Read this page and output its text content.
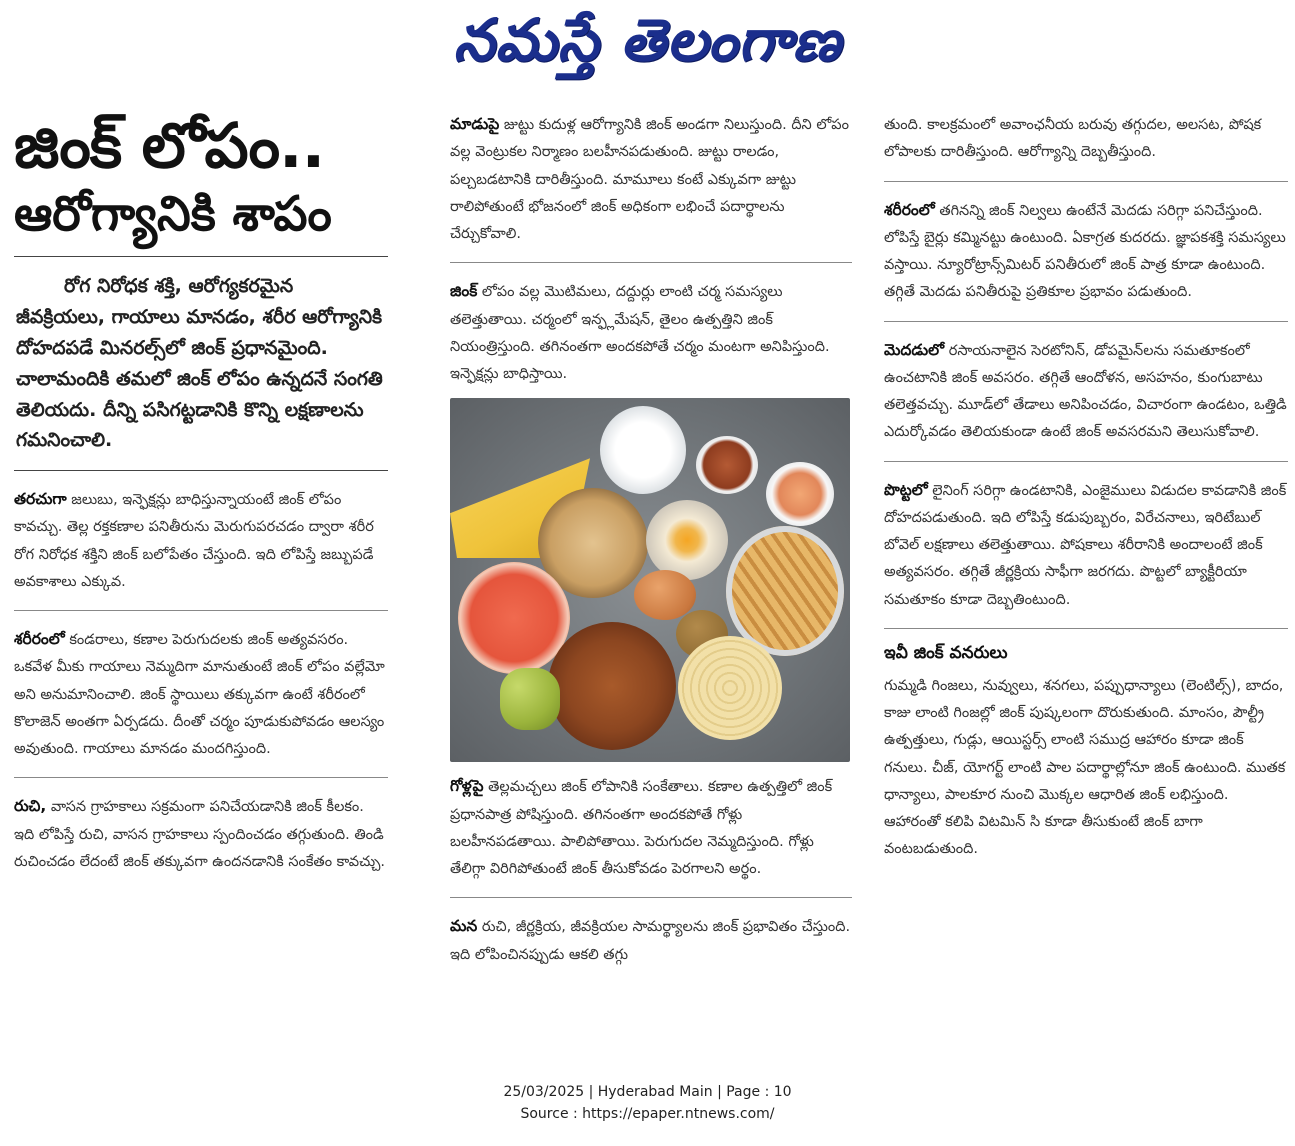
నమస్తే తెలంగాణ
జింక్ లోపం..
ఆరోగ్యానికి శాపం

రోగ నిరోధక శక్తి, ఆరోగ్యకరమైన జీవక్రియలు, గాయాలు మానడం, శరీర ఆరోగ్యానికి దోహదపడే మినరల్స్‌లో జింక్ ప్రధానమైంది. చాలామందికి తమలో జింక్ లోపం ఉన్నదనే సంగతి తెలియదు. దీన్ని పసిగట్టడానికి కొన్ని లక్షణాలను గమనించాలి.

తరచుగా జలుబు, ఇన్ఫెక్షన్లు బాధిస్తున్నాయంటే జింక్ లోపం కావచ్చు. తెల్ల రక్తకణాల పనితీరును మెరుగుపరచడం ద్వారా శరీర రోగ నిరోధక శక్తిని జింక్ బలోపేతం చేస్తుంది. ఇది లోపిస్తే జబ్బుపడే అవకాశాలు ఎక్కువ.

శరీరంలో కండరాలు, కణాల పెరుగుదలకు జింక్ అత్యవసరం. ఒకవేళ మీకు గాయాలు నెమ్మదిగా మానుతుంటే జింక్ లోపం వల్లేమో అని అనుమానించాలి. జింక్ స్థాయిలు తక్కువగా ఉంటే శరీరంలో కొలాజెన్ అంతగా ఏర్పడదు. దీంతో చర్మం పూడుకుపోవడం ఆలస్యం అవుతుంది. గాయాలు మానడం మందగిస్తుంది.

రుచి, వాసన గ్రాహకాలు సక్రమంగా పనిచేయడానికి జింక్ కీలకం. ఇది లోపిస్తే రుచి, వాసన గ్రాహకాలు స్పందించడం తగ్గుతుంది. తిండి రుచించడం లేదంటే జింక్ తక్కువగా ఉందనడానికి సంకేతం కావచ్చు.

మాడుపై జుట్టు కుదుళ్ల ఆరోగ్యానికి జింక్ అండగా నిలుస్తుంది. దీని లోపం వల్ల వెంట్రుకల నిర్మాణం బలహీనపడుతుంది. జుట్టు రాలడం, పల్చబడటానికి దారితీస్తుంది. మామూలు కంటే ఎక్కువగా జుట్టు రాలిపోతుంటే భోజనంలో జింక్ అధికంగా లభించే పదార్థాలను చేర్చుకోవాలి.

జింక్ లోపం వల్ల మొటిమలు, దద్దుర్లు లాంటి చర్మ సమస్యలు తలెత్తుతాయి. చర్మంలో ఇన్ఫ్లమేషన్, తైలం ఉత్పత్తిని జింక్ నియంత్రిస్తుంది. తగినంతగా అందకపోతే చర్మం మంటగా అనిపిస్తుంది. ఇన్ఫెక్షన్లు బాధిస్తాయి.

గోళ్లపై తెల్లమచ్చలు జింక్ లోపానికి సంకేతాలు. కణాల ఉత్పత్తిలో జింక్ ప్రధానపాత్ర పోషిస్తుంది. తగినంతగా అందకపోతే గోళ్లు బలహీనపడతాయి. పాలిపోతాయి. పెరుగుదల నెమ్మదిస్తుంది. గోళ్లు తేలిగ్గా విరిగిపోతుంటే జింక్ తీసుకోవడం పెరగాలని అర్థం.

మన రుచి, జీర్ణక్రియ, జీవక్రియల సామర్థ్యాలను జింక్ ప్రభావితం చేస్తుంది. ఇది లోపించినప్పుడు ఆకలి తగ్గు

తుంది. కాలక్రమంలో అవాంఛనీయ బరువు తగ్గుదల, అలసట, పోషక లోపాలకు దారితీస్తుంది. ఆరోగ్యాన్ని దెబ్బతీస్తుంది.

శరీరంలో తగినన్ని జింక్ నిల్వలు ఉంటేనే మెదడు సరిగ్గా పనిచేస్తుంది. లోపిస్తే బైర్లు కమ్మినట్టు ఉంటుంది. ఏకాగ్రత కుదరదు. జ్ఞాపకశక్తి సమస్యలు వస్తాయి. న్యూరోట్రాన్స్‌మిటర్ పనితీరులో జింక్ పాత్ర కూడా ఉంటుంది. తగ్గితే మెదడు పనితీరుపై ప్రతికూల ప్రభావం పడుతుంది.

మెదడులో రసాయనాలైన సెరటోనిన్, డోపమైన్‌లను సమతూకంలో ఉంచటానికి జింక్ అవసరం. తగ్గితే ఆందోళన, అసహనం, కుంగుబాటు తలెత్తవచ్చు. మూడ్‌లో తేడాలు అనిపించడం, విచారంగా ఉండటం, ఒత్తిడి ఎదుర్కోవడం తెలియకుండా ఉంటే జింక్ అవసరమని తెలుసుకోవాలి.

పొట్టలో లైనింగ్ సరిగ్గా ఉండటానికి, ఎంజైములు విడుదల కావడానికి జింక్ దోహదపడుతుంది. ఇది లోపిస్తే కడుపుబ్బరం, విరేచనాలు, ఇరిటేబుల్ బోవెల్ లక్షణాలు తలెత్తుతాయి. పోషకాలు శరీరానికి అందాలంటే జింక్ అత్యవసరం. తగ్గితే జీర్ణక్రియ సాఫీగా జరగదు. పొట్టలో బ్యాక్టీరియా సమతూకం కూడా దెబ్బతింటుంది.

ఇవీ జింక్ వనరులు

గుమ్మడి గింజలు, నువ్వులు, శనగలు, పప్పుధాన్యాలు (లెంటిల్స్), బాదం, కాజు లాంటి గింజల్లో జింక్ పుష్కలంగా దొరుకుతుంది. మాంసం, పౌల్ట్రీ ఉత్పత్తులు, గుడ్లు, ఆయిస్టర్స్ లాంటి సముద్ర ఆహారం కూడా జింక్ గనులు. చీజ్, యోగర్ట్ లాంటి పాల పదార్థాల్లోనూ జింక్ ఉంటుంది. ముతక ధాన్యాలు, పాలకూర నుంచి మొక్కల ఆధారిత జింక్ లభిస్తుంది. ఆహారంతో కలిపి విటమిన్ సి కూడా తీసుకుంటే జింక్ బాగా వంటబడుతుంది.

25/03/2025 | Hyderabad Main | Page : 10
Source : https://epaper.ntnews.com/
